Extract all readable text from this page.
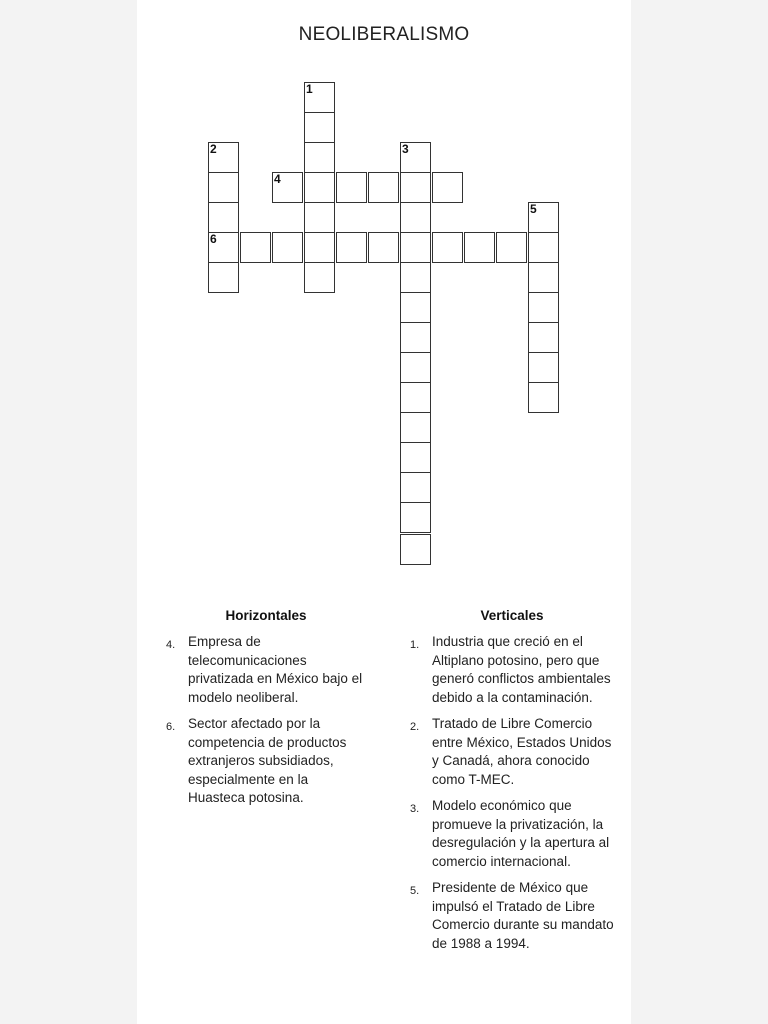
NEOLIBERALISMO
1
2
6
4
3
5
Horizontales
4. Empresa de telecomunicaciones privatizada en México bajo el modelo neoliberal.
6. Sector afectado por la competencia de productos extranjeros subsidiados, especialmente en la Huasteca potosina.
Verticales
1. Industria que creció en el Altiplano potosino, pero que generó conflictos ambientales debido a la contaminación.
2. Tratado de Libre Comercio entre México, Estados Unidos y Canadá, ahora conocido como T-MEC.
3. Modelo económico que promueve la privatización, la desregulación y la apertura al comercio internacional.
5. Presidente de México que impulsó el Tratado de Libre Comercio durante su mandato de 1988 a 1994.
